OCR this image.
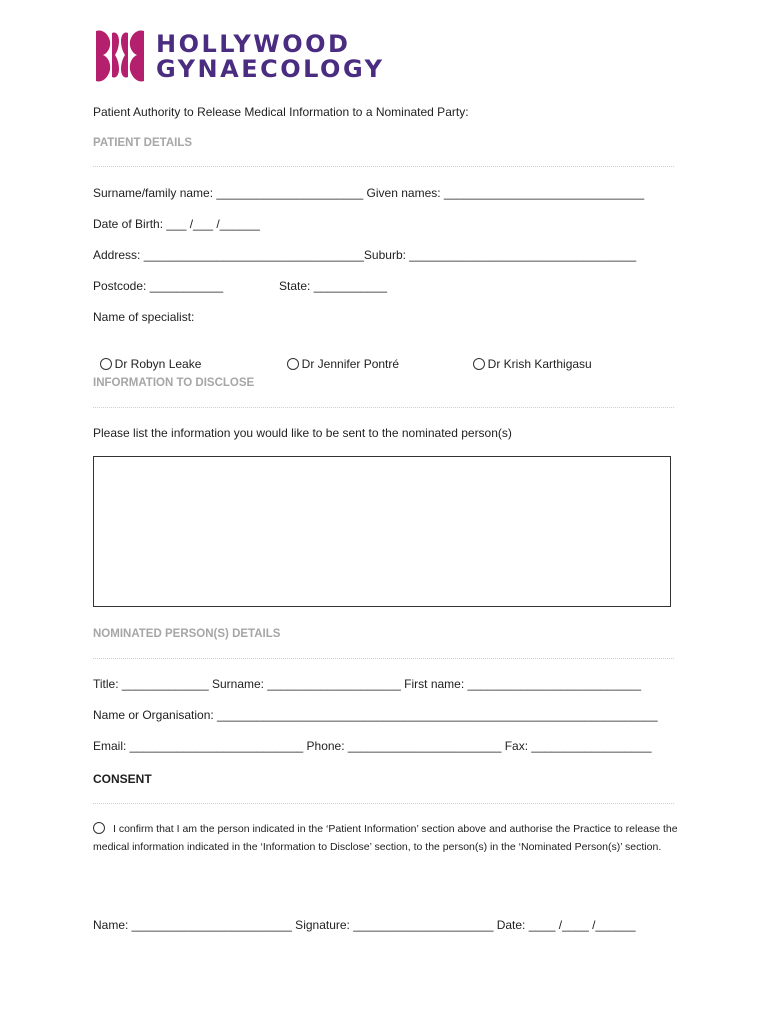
HOLLYWOOD
GYNAECOLOGY
Patient Authority to Release Medical Information to a Nominated Party:
PATIENT DETAILS
Surname/family name: ______________________ Given names: ______________________________
Date of Birth: ___ /___ /______
Address: _________________________________Suburb: __________________________________
Postcode: ___________	State: ___________
Name of specialist:

Dr Robyn Leake	Dr Jennifer Pontré	Dr Krish Karthigasu

INFORMATION TO DISCLOSE
Please list the information you would like to be sent to the nominated person(s)
NOMINATED PERSON(S) DETAILS
Title: _____________ Surname: ____________________ First name: __________________________
Name or Organisation: __________________________________________________________________
Email: __________________________ Phone: _______________________ Fax: __________________
CONSENT
I confirm that I am the person indicated in the ‘Patient Information’ section above and authorise the Practice to release the medical information indicated in the ‘Information to Disclose’ section, to the person(s) in the ‘Nominated Person(s)’ section.
Name: ________________________ Signature: _____________________ Date: ____ /____ /______
